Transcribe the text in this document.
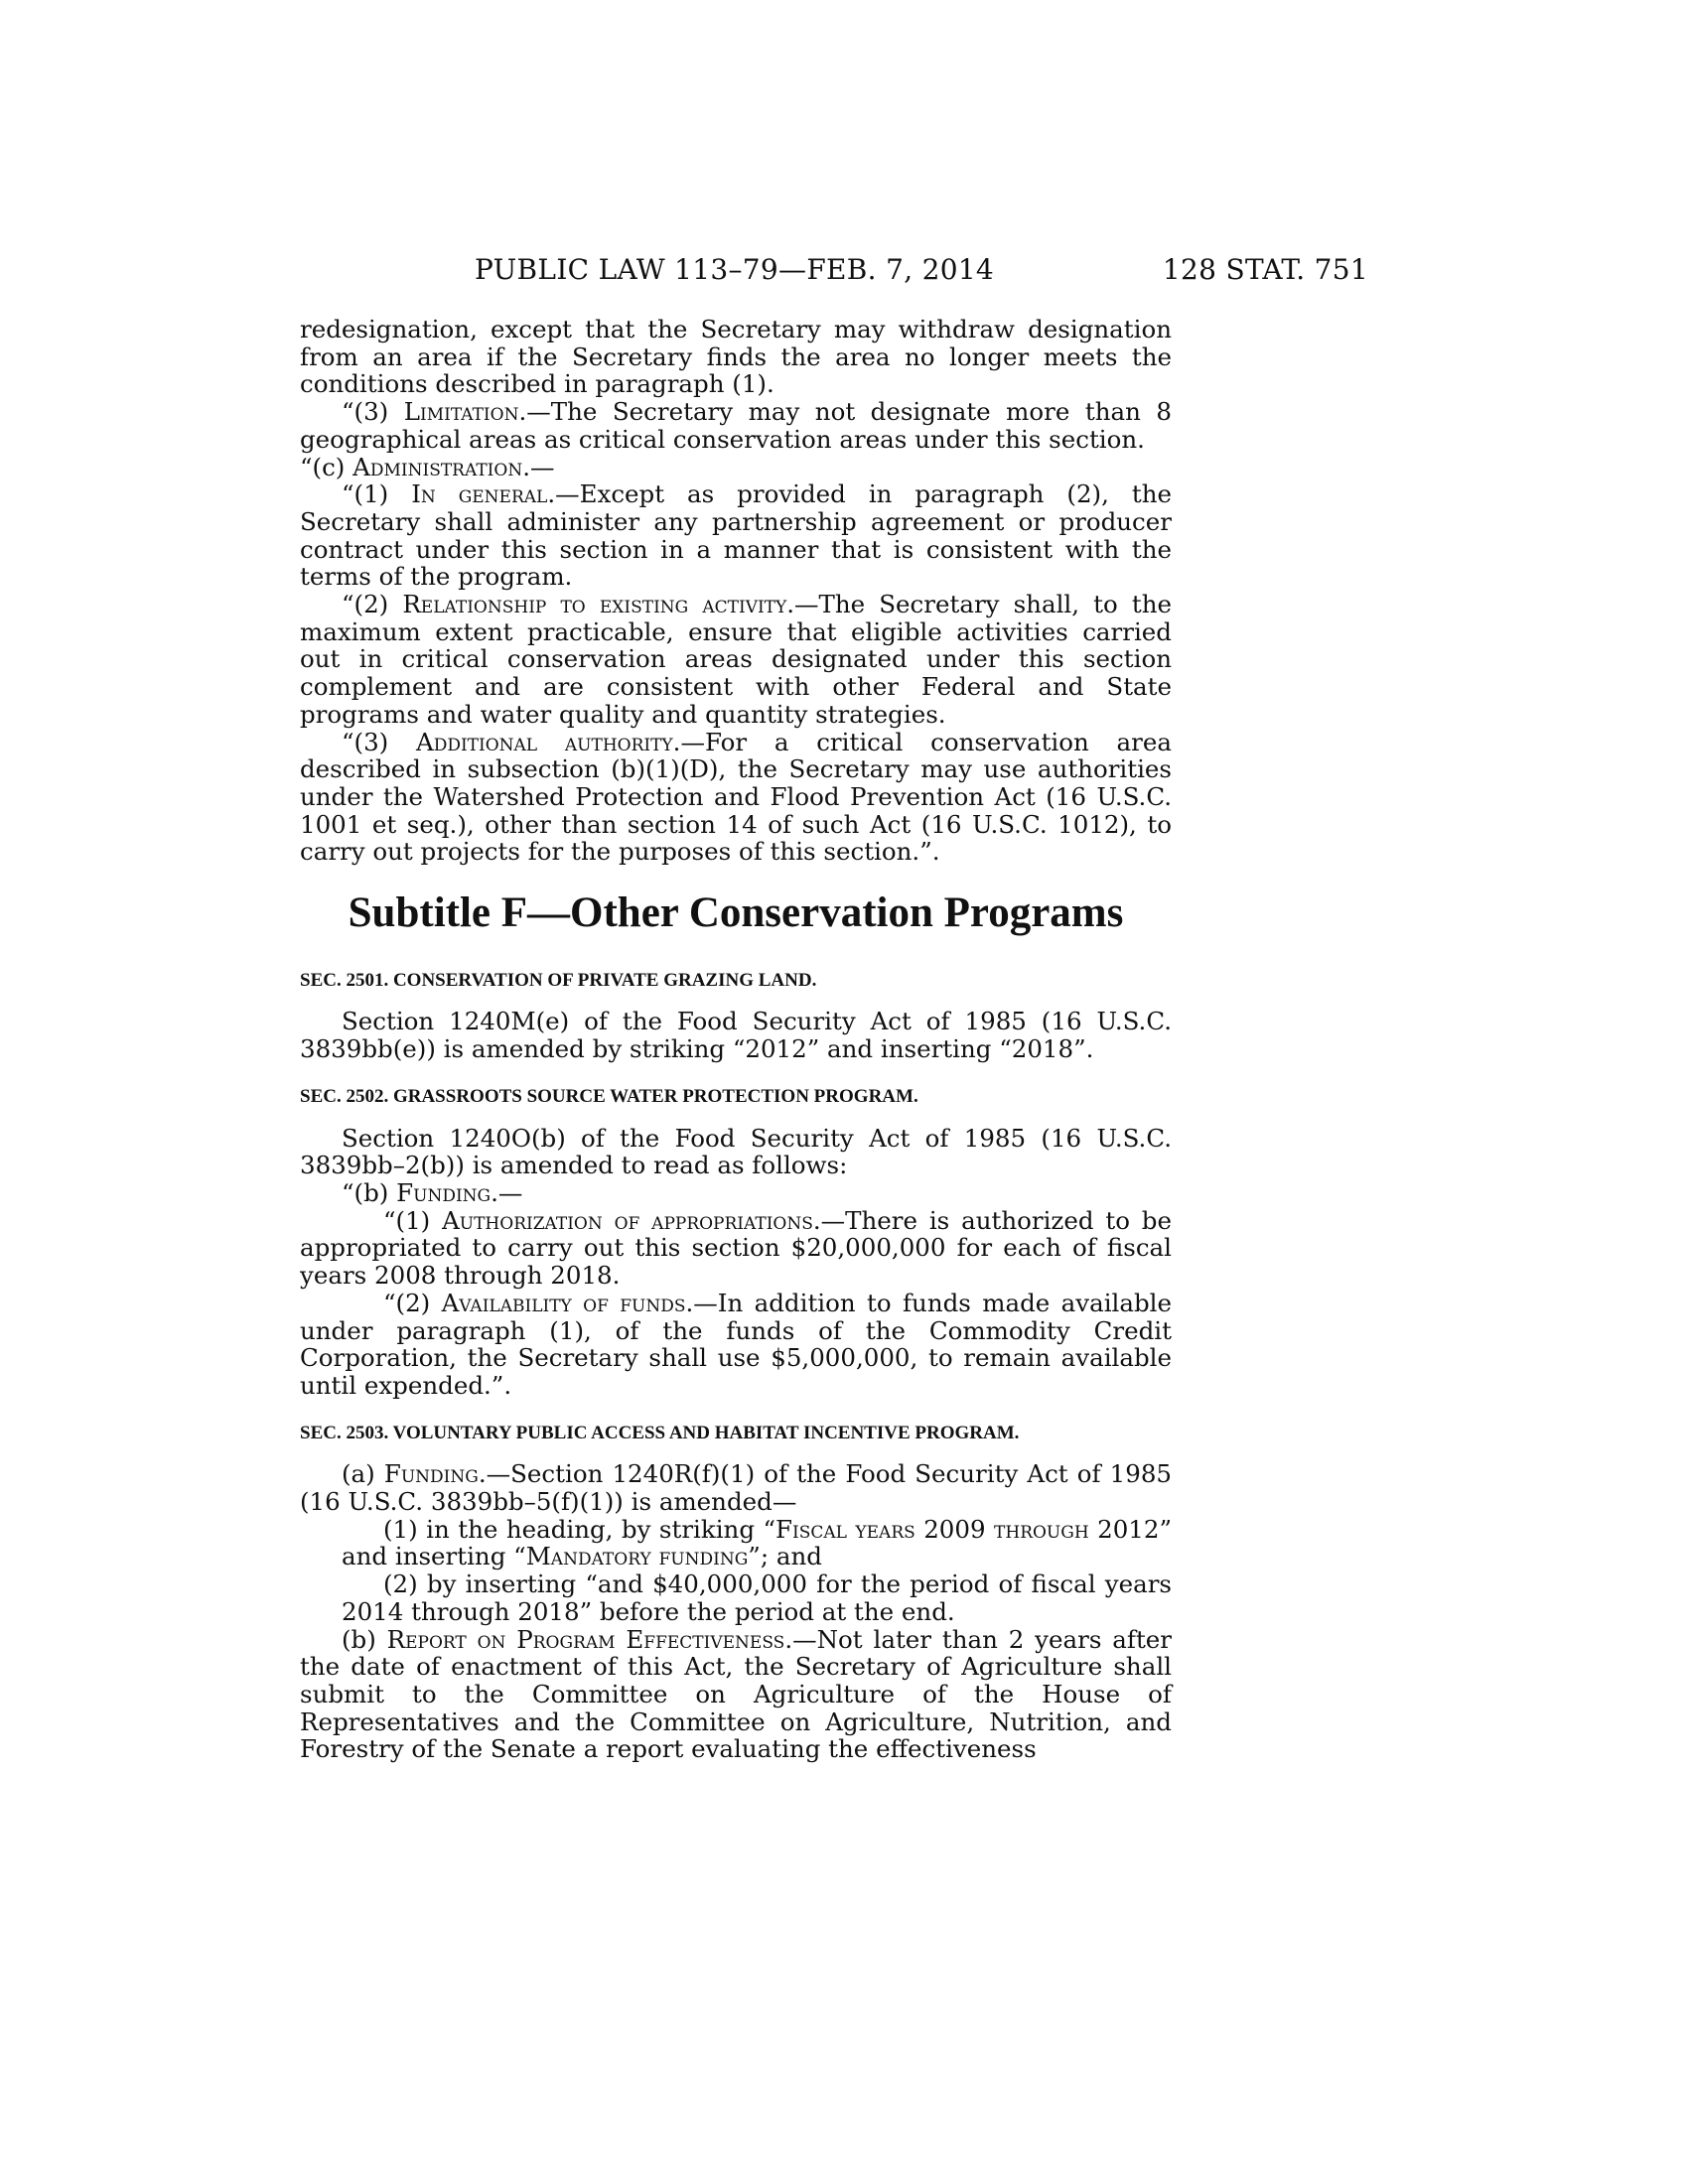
PUBLIC LAW 113–79—FEB. 7, 2014	128 STAT. 751

redesignation, except that the Secretary may withdraw designation from an area if the Secretary finds the area no longer meets the conditions described in paragraph (1).

“(3) Limitation.—The Secretary may not designate more than 8 geographical areas as critical conservation areas under this section.

“(c) Administration.—

“(1) In general.—Except as provided in paragraph (2), the Secretary shall administer any partnership agreement or producer contract under this section in a manner that is consistent with the terms of the program.

“(2) Relationship to existing activity.—The Secretary shall, to the maximum extent practicable, ensure that eligible activities carried out in critical conservation areas designated under this section complement and are consistent with other Federal and State programs and water quality and quantity strategies.

“(3) Additional authority.—For a critical conservation area described in subsection (b)(1)(D), the Secretary may use authorities under the Watershed Protection and Flood Prevention Act (16 U.S.C. 1001 et seq.), other than section 14 of such Act (16 U.S.C. 1012), to carry out projects for the purposes of this section.”.

Subtitle F—Other Conservation Programs
SEC. 2501. CONSERVATION OF PRIVATE GRAZING LAND.

Section 1240M(e) of the Food Security Act of 1985 (16 U.S.C. 3839bb(e)) is amended by striking “2012” and inserting “2018”.

SEC. 2502. GRASSROOTS SOURCE WATER PROTECTION PROGRAM.

Section 1240O(b) of the Food Security Act of 1985 (16 U.S.C. 3839bb–2(b)) is amended to read as follows:

“(b) Funding.—

“(1) Authorization of appropriations.—There is authorized to be appropriated to carry out this section $20,000,000 for each of fiscal years 2008 through 2018.

“(2) Availability of funds.—In addition to funds made available under paragraph (1), of the funds of the Commodity Credit Corporation, the Secretary shall use $5,000,000, to remain available until expended.”.

SEC. 2503. VOLUNTARY PUBLIC ACCESS AND HABITAT INCENTIVE PROGRAM.

(a) Funding.—Section 1240R(f)(1) of the Food Security Act of 1985 (16 U.S.C. 3839bb–5(f)(1)) is amended—

(1) in the heading, by striking “Fiscal years 2009 through 2012” and inserting “Mandatory funding”; and

(2) by inserting “and $40,000,000 for the period of fiscal years 2014 through 2018” before the period at the end.

(b) Report on Program Effectiveness.—Not later than 2 years after the date of enactment of this Act, the Secretary of Agriculture shall submit to the Committee on Agriculture of the House of Representatives and the Committee on Agriculture, Nutrition, and Forestry of the Senate a report evaluating the effectiveness
